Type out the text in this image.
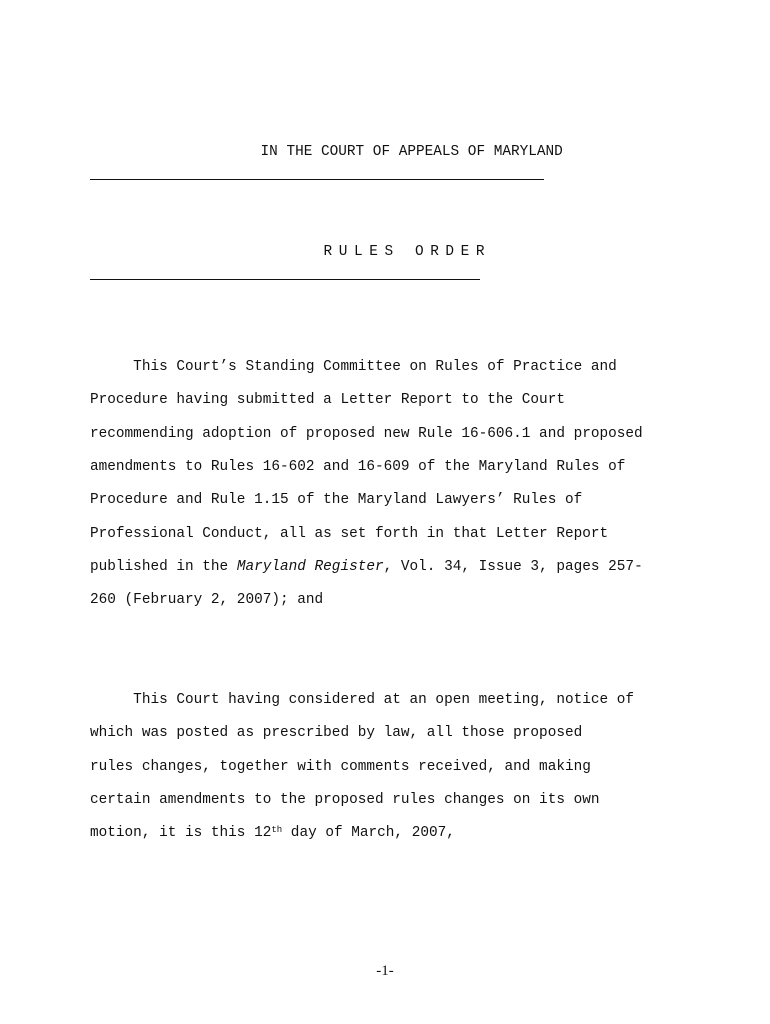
IN THE COURT OF APPEALS OF MARYLAND

RULES ORDER

This Court’s Standing Committee on Rules of Practice and
Procedure having submitted a Letter Report to the Court
recommending adoption of proposed new Rule 16-606.1 and proposed
amendments to Rules 16-602 and 16-609 of the Maryland Rules of
Procedure and Rule 1.15 of the Maryland Lawyers’ Rules of
Professional Conduct, all as set forth in that Letter Report
published in the Maryland Register, Vol. 34, Issue 3, pages 257-
260 (February 2, 2007); and
This Court having considered at an open meeting, notice of
which was posted as prescribed by law, all those proposed
rules changes, together with comments received, and making
certain amendments to the proposed rules changes on its own
motion, it is this 12th day of March, 2007,
-1-
